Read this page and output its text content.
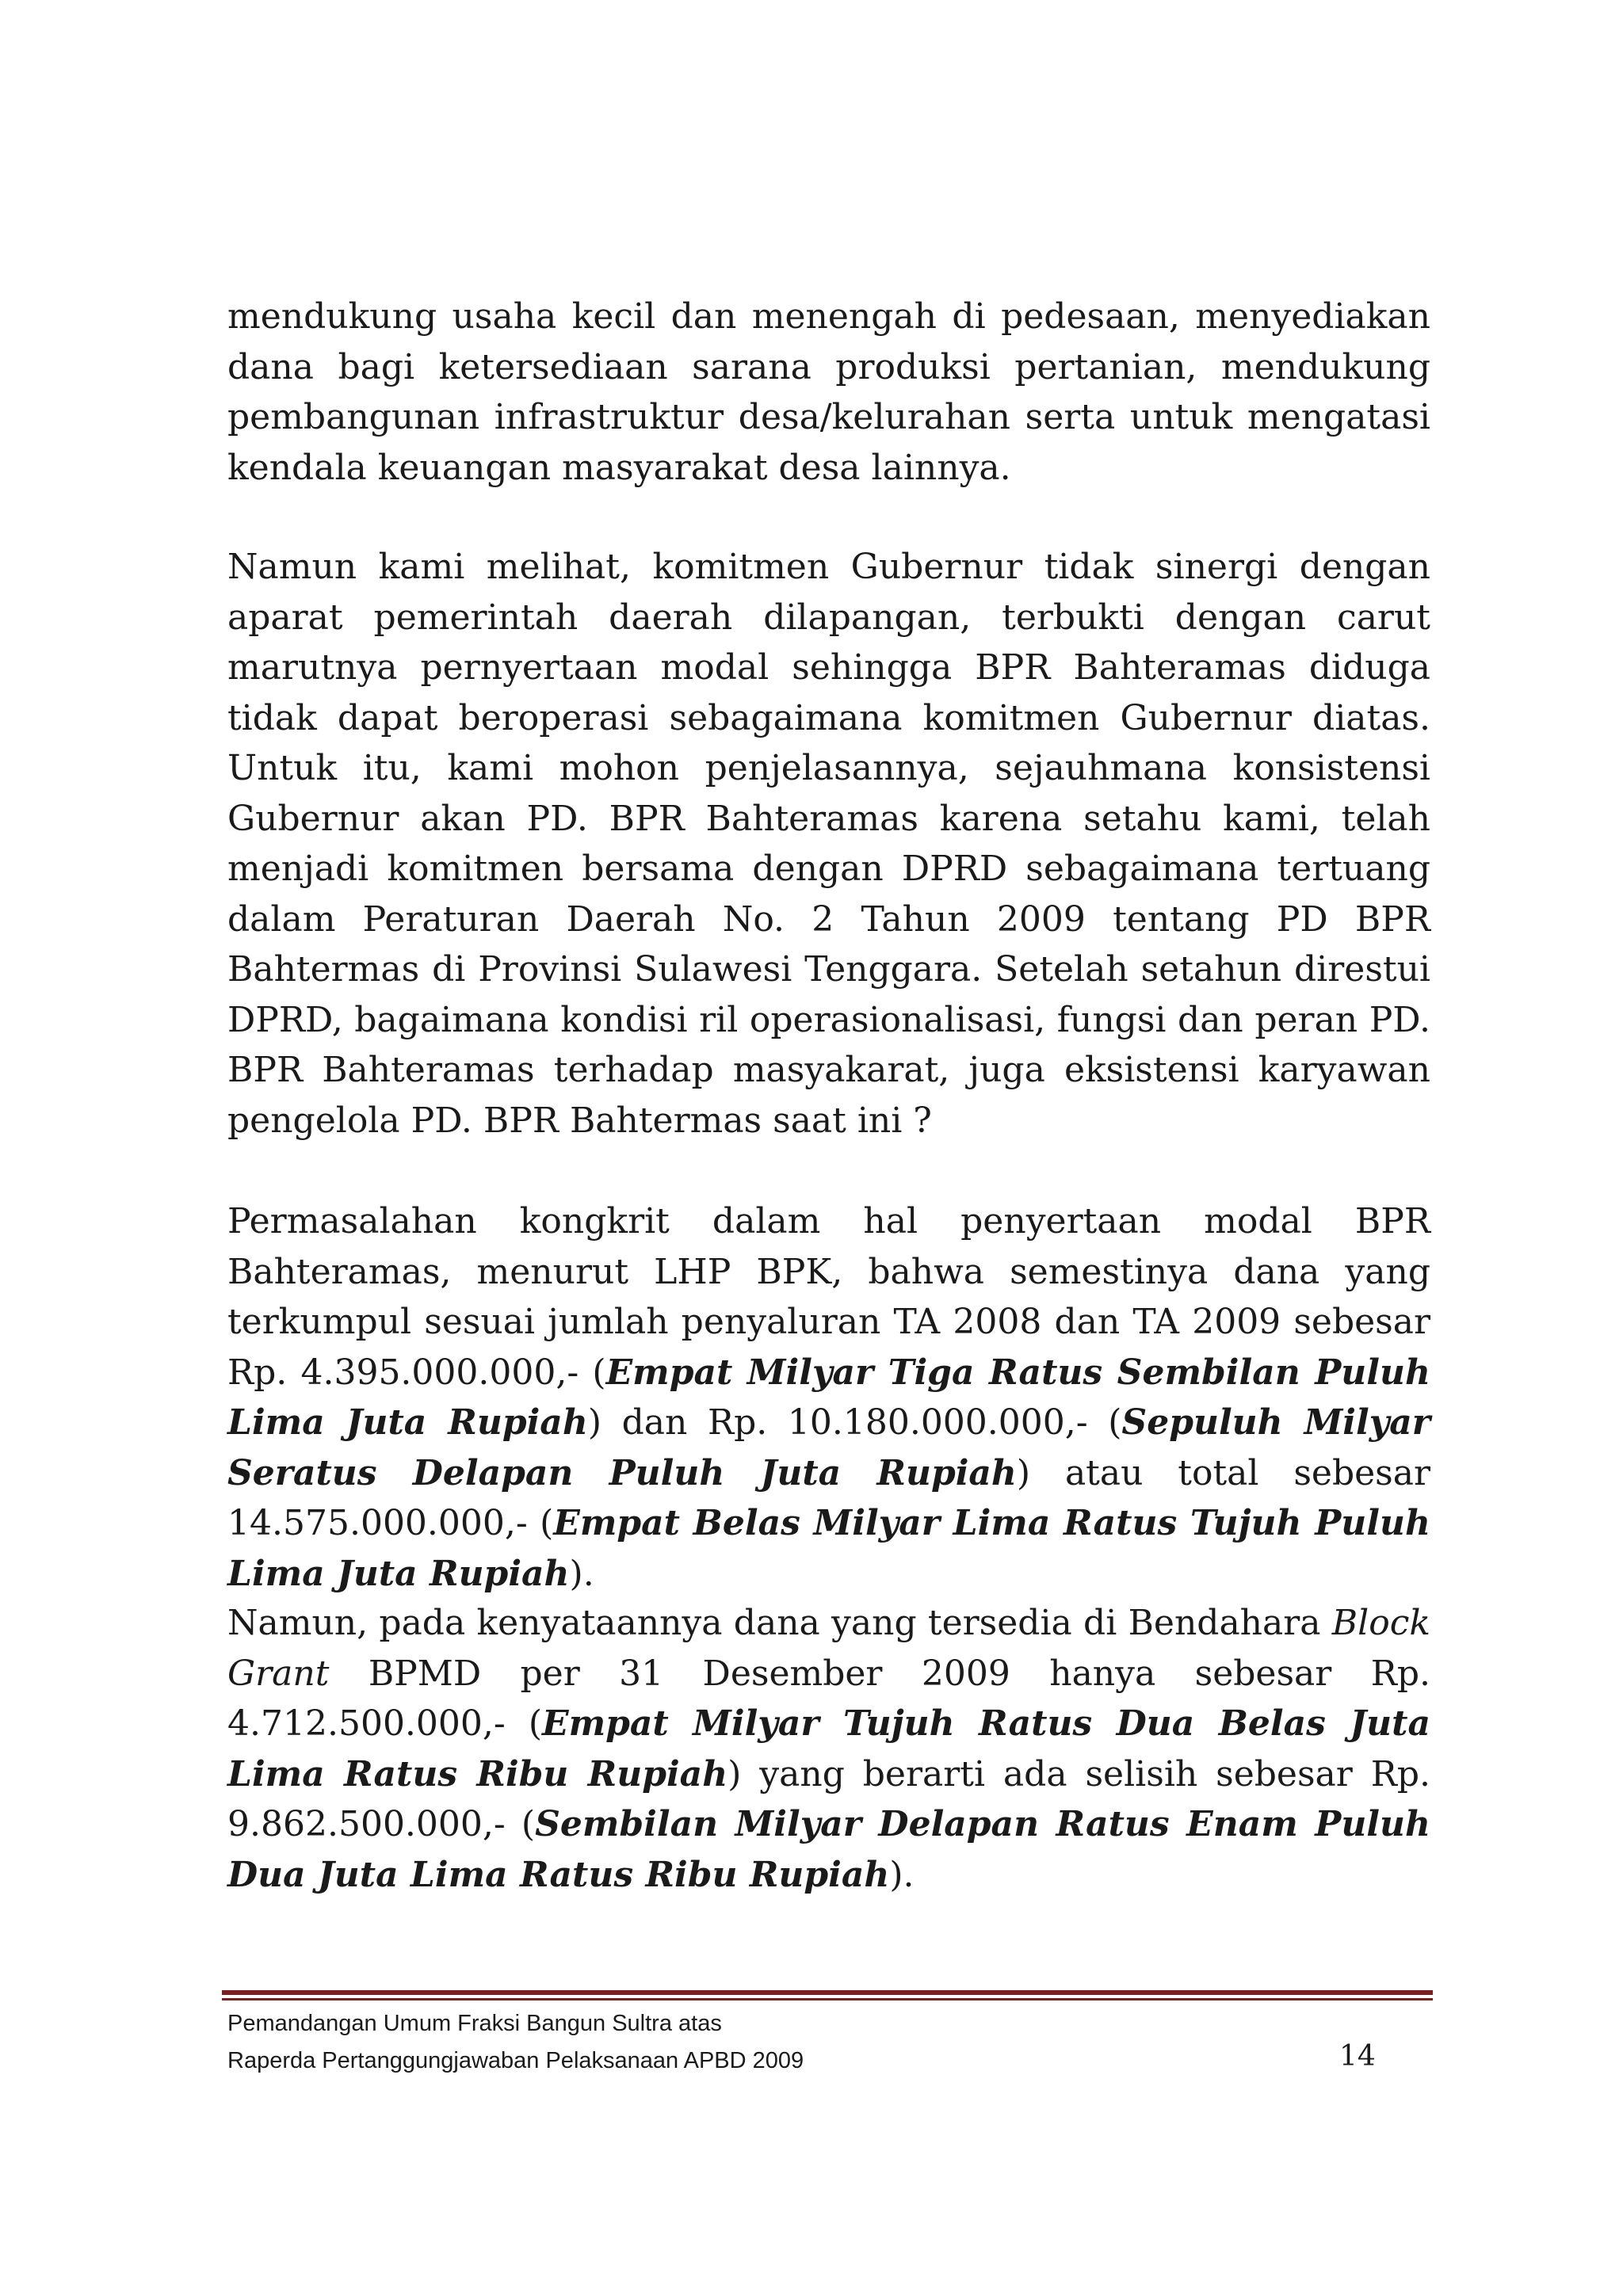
mendukung usaha kecil dan menengah di pedesaan, menyediakan dana bagi ketersediaan sarana produksi pertanian, mendukung pembangunan infrastruktur desa/kelurahan serta untuk mengatasi kendala keuangan masyarakat desa lainnya.

Namun kami melihat, komitmen Gubernur tidak sinergi dengan aparat pemerintah daerah dilapangan, terbukti dengan carut marutnya pernyertaan modal sehingga BPR Bahteramas diduga tidak dapat beroperasi sebagaimana komitmen Gubernur diatas. Untuk itu, kami mohon penjelasannya, sejauhmana konsistensi Gubernur akan PD. BPR Bahteramas karena setahu kami, telah menjadi komitmen bersama dengan DPRD sebagaimana tertuang dalam Peraturan Daerah No. 2 Tahun 2009 tentang PD BPR Bahtermas di Provinsi Sulawesi Tenggara. Setelah setahun direstui DPRD, bagaimana kondisi ril operasionalisasi, fungsi dan peran PD. BPR Bahteramas terhadap masyakarat, juga eksistensi karyawan pengelola PD. BPR Bahtermas saat ini ?

Permasalahan kongkrit dalam hal penyertaan modal BPR Bahteramas, menurut LHP BPK, bahwa semestinya dana yang terkumpul sesuai jumlah penyaluran TA 2008 dan TA 2009 sebesar Rp. 4.395.000.000,- (Empat Milyar Tiga Ratus Sembilan Puluh Lima Juta Rupiah) dan Rp. 10.180.000.000,- (Sepuluh Milyar Seratus Delapan Puluh Juta Rupiah) atau total sebesar 14.575.000.000,- (Empat Belas Milyar Lima Ratus Tujuh Puluh Lima Juta Rupiah).

Namun, pada kenyataannya dana yang tersedia di Bendahara Block Grant BPMD per 31 Desember 2009 hanya sebesar Rp. 4.712.500.000,- (Empat Milyar Tujuh Ratus Dua Belas Juta Lima Ratus Ribu Rupiah) yang berarti ada selisih sebesar Rp. 9.862.500.000,- (Sembilan Milyar Delapan Ratus Enam Puluh Dua Juta Lima Ratus Ribu Rupiah).

Pemandangan Umum Fraksi Bangun Sultra atas

Raperda Pertanggungjawaban Pelaksanaan APBD 2009	14
